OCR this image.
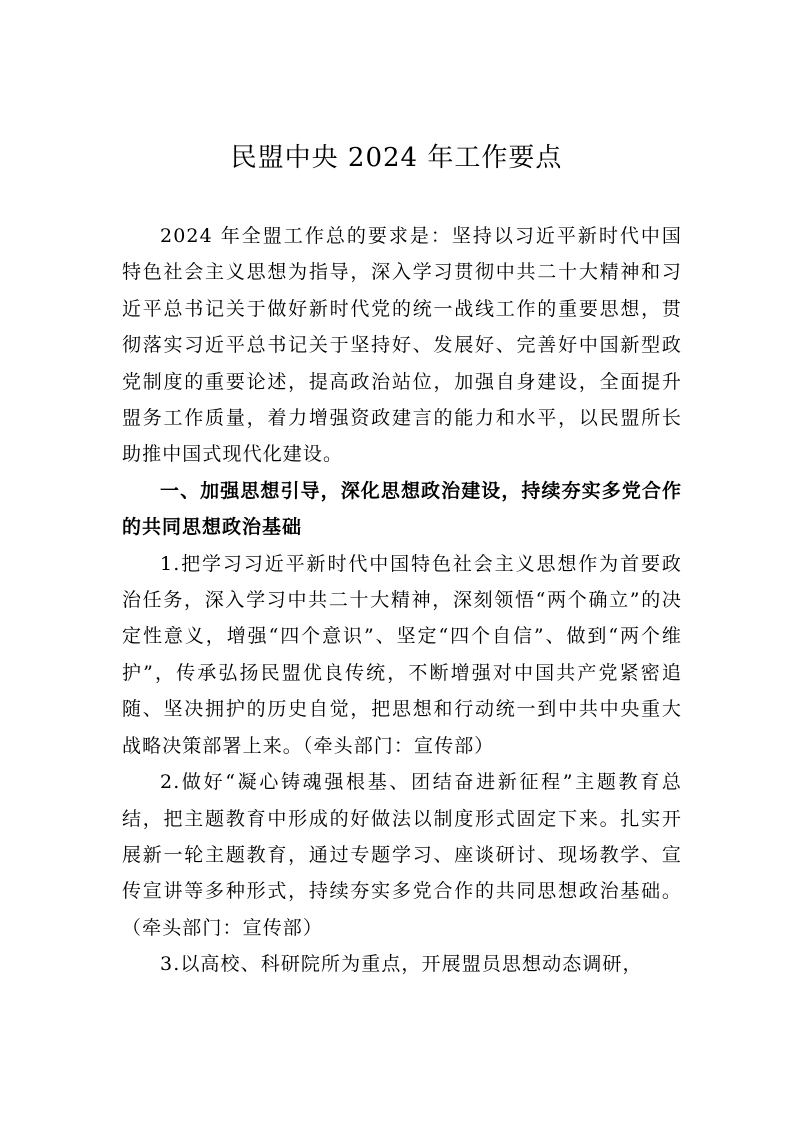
民盟中央 2024 年工作要点

2024 年全盟工作总的要求是：坚持以习近平新时代中国特色社会主义思想为指导，深入学习贯彻中共二十大精神和习近平总书记关于做好新时代党的统一战线工作的重要思想，贯彻落实习近平总书记关于坚持好、发展好、完善好中国新型政党制度的重要论述，提高政治站位，加强自身建设，全面提升盟务工作质量，着力增强资政建言的能力和水平，以民盟所长助推中国式现代化建设。

一、加强思想引导，深化思想政治建设，持续夯实多党合作的共同思想政治基础

1.把学习习近平新时代中国特色社会主义思想作为首要政治任务，深入学习中共二十大精神，深刻领悟“两个确立”的决定性意义，增强“四个意识”、坚定“四个自信”、做到“两个维护”，传承弘扬民盟优良传统，不断增强对中国共产党紧密追随、坚决拥护的历史自觉，把思想和行动统一到中共中央重大战略决策部署上来。（牵头部门：宣传部）

2.做好“凝心铸魂强根基、团结奋进新征程”主题教育总结，把主题教育中形成的好做法以制度形式固定下来。扎实开展新一轮主题教育，通过专题学习、座谈研讨、现场教学、宣传宣讲等多种形式，持续夯实多党合作的共同思想政治基础。（牵头部门：宣传部）

3.以高校、科研院所为重点，开展盟员思想动态调研，
